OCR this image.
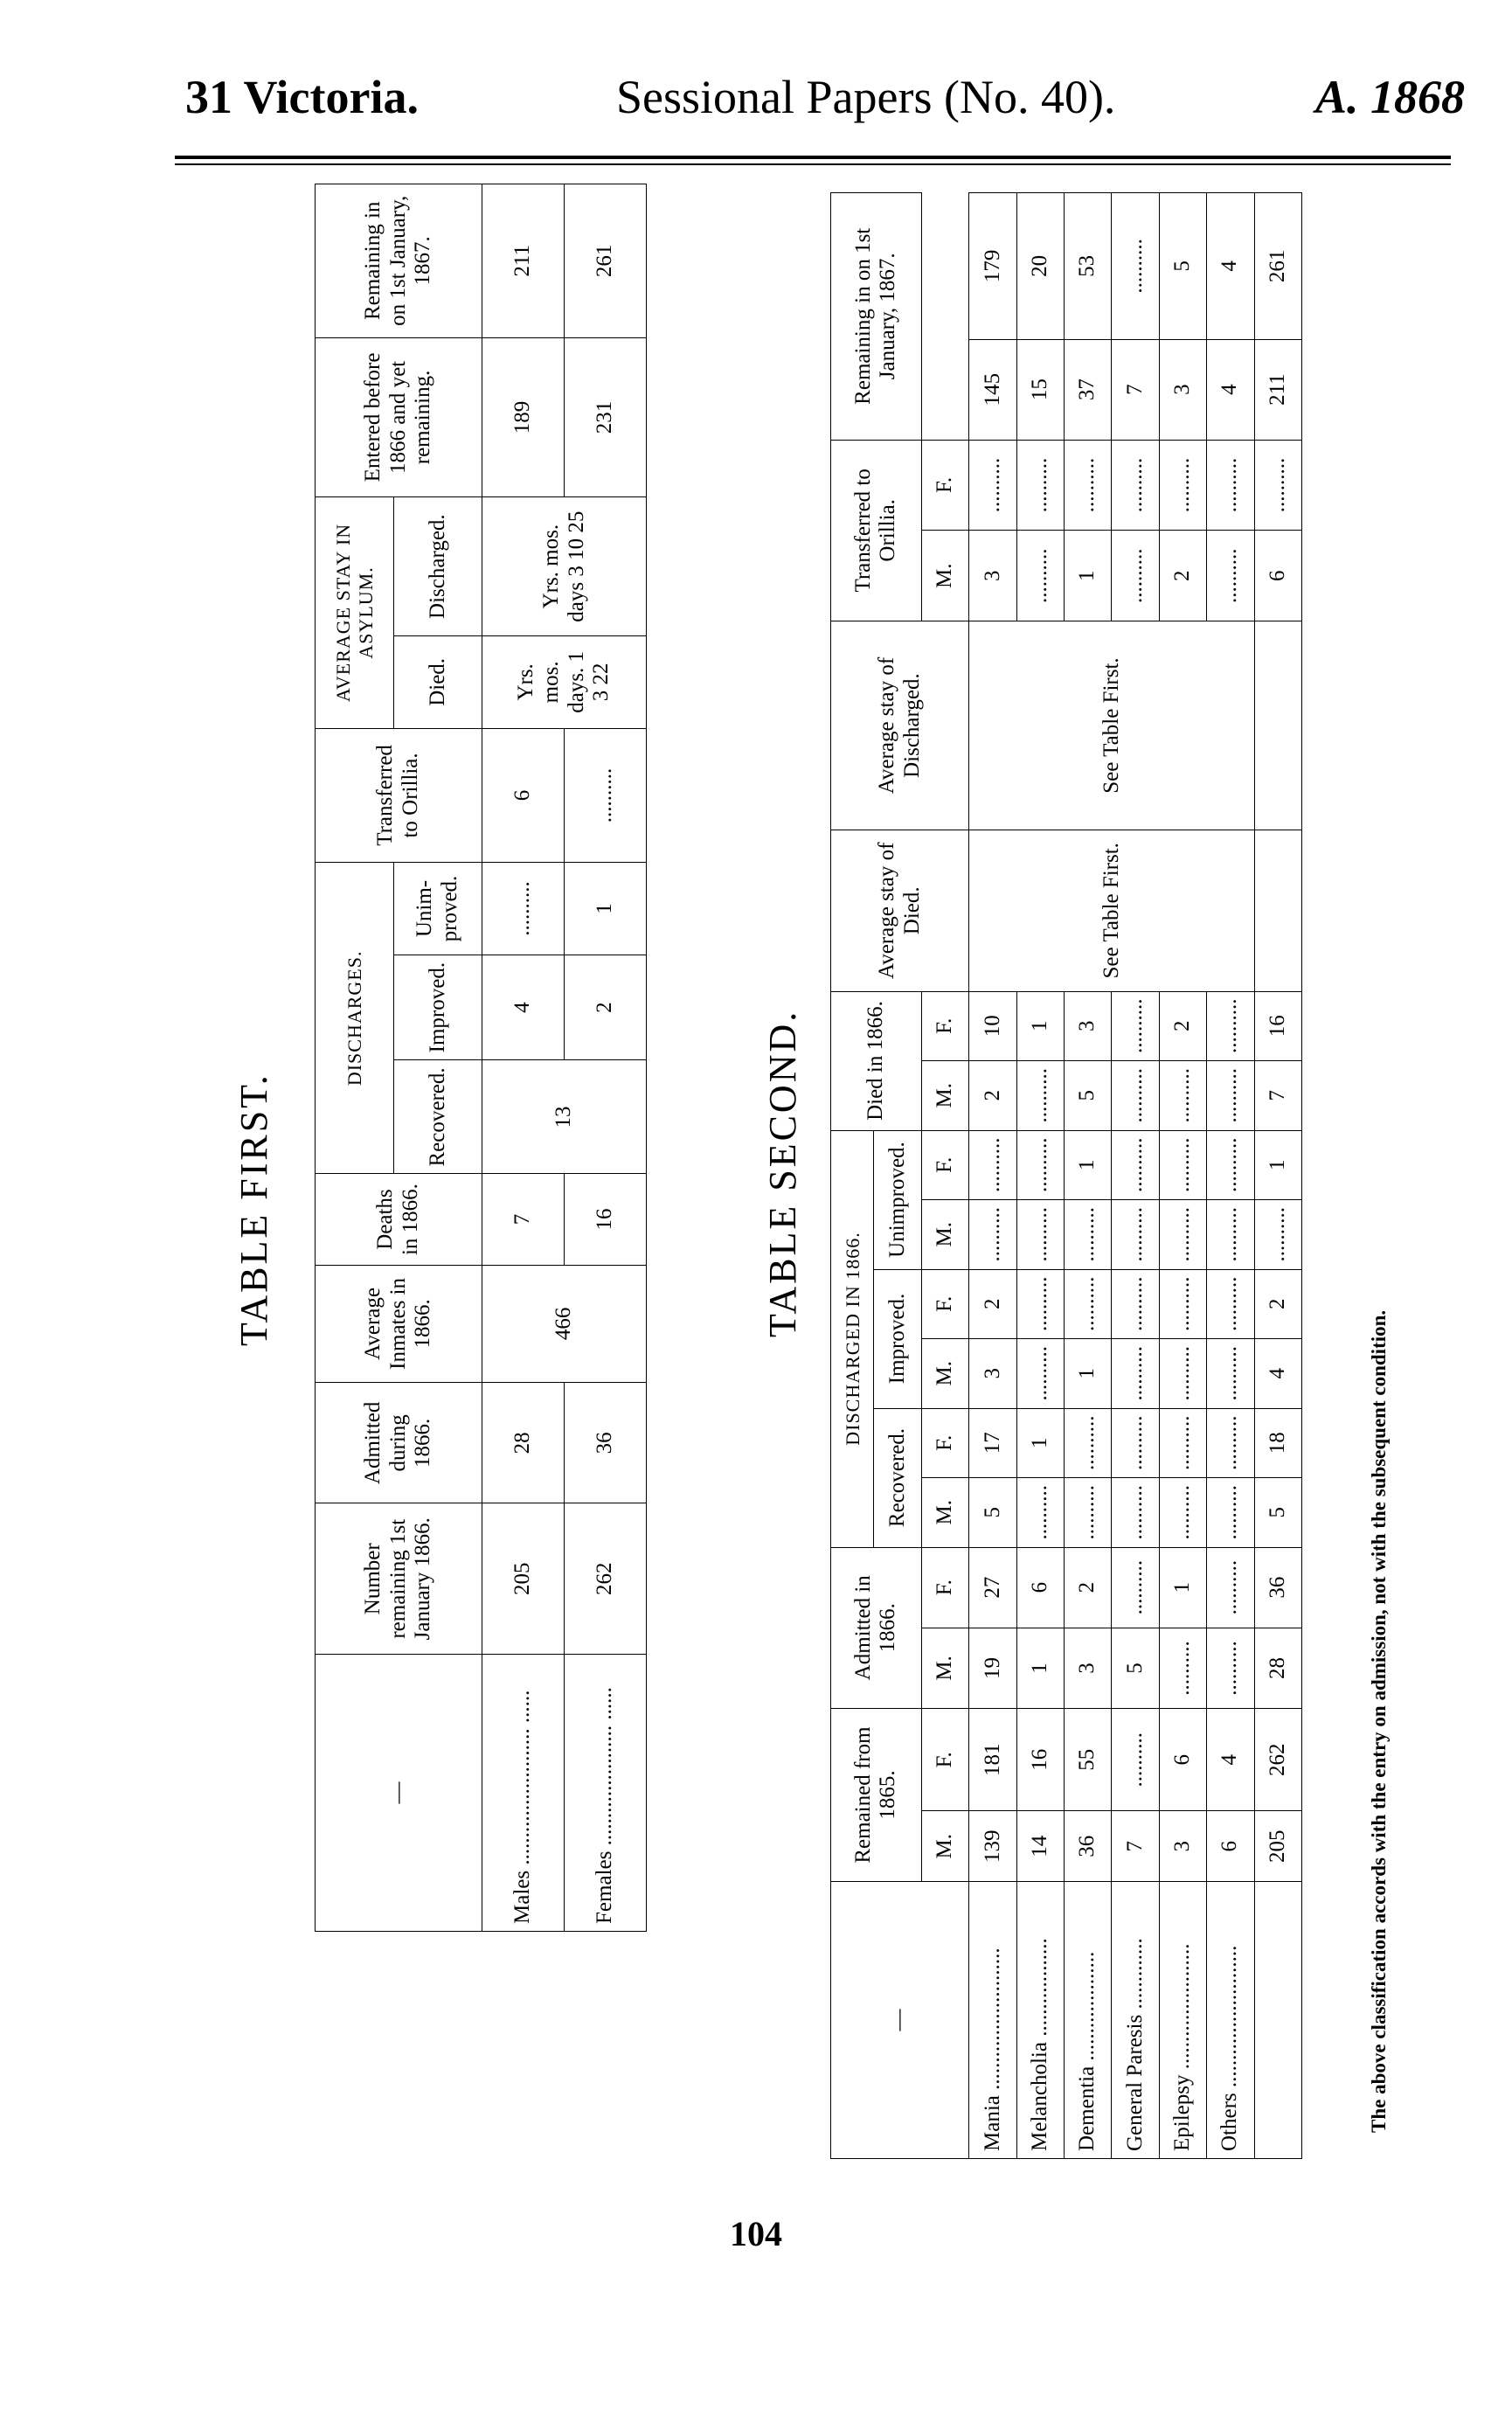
31 Victoria.	Sessional Papers (No. 40).	A. 1868
TABLE FIRST.
—	Number remaining 1st January 1866.	Admitted during 1866.	Average Inmates in 1866.	Deaths in 1866.	DISCHARGES.			Transferred to Orillia.	AVERAGE STAY IN ASYLUM.		Entered before 1866 and yet remaining.	Remaining in on 1st January, 1867.
					Recovered.	Improved.	Unim-proved.		Died.	Discharged.		
Males ......................... ......	205	28	466	7	13	4	..........	6	Yrs. mos. days. 1 3 22	Yrs. mos. days 3 10 25	189	211
Females ...................... ......	262	36		16		2	1	..........			231	261
TABLE SECOND.
—	Remained from 1865.		Admitted in 1866.		DISCHARGED IN 1866.						Died in 1866.		Average stay of Died.	Average stay of Discharged.	Transferred to Orillia.		Remaining in on 1st January, 1867.	
					Recovered.		Improved.		Unimproved.									
	M.	F.	M.	F.	M.	F.	M.	F.	M.	F.	M.	F.			M.	F.		
Mania ..........................	139	181	19	27	5	17	3	2	..........	..........	2	10	See Table First.	See Table First.	3	..........	145	179
Melancholia ..................	14	16	1	6	..........	1	..........	..........	..........	..........	..........	1			..........	..........	15	20
Dementia ....................	36	55	3	2	..........	..........	1	..........	..........	1	5	3			1	..........	37	53
General Paresis .............	7	..........	5	..........	..........	..........	..........	..........	..........	..........	..........	..........			..........	..........	7	..........
Epilepsy .......................	3	6	..........	1	..........	..........	..........	..........	..........	..........	..........	2			2	..........	3	5
Others ..........................	6	4	..........	..........	..........	..........	..........	..........	..........	..........	..........	..........			..........	..........	4	4
	205	262	28	36	5	18	4	2	..........	1	7	16			6	..........	211	261
The above classification accords with the entry on admission, not with the subsequent condition.
104
